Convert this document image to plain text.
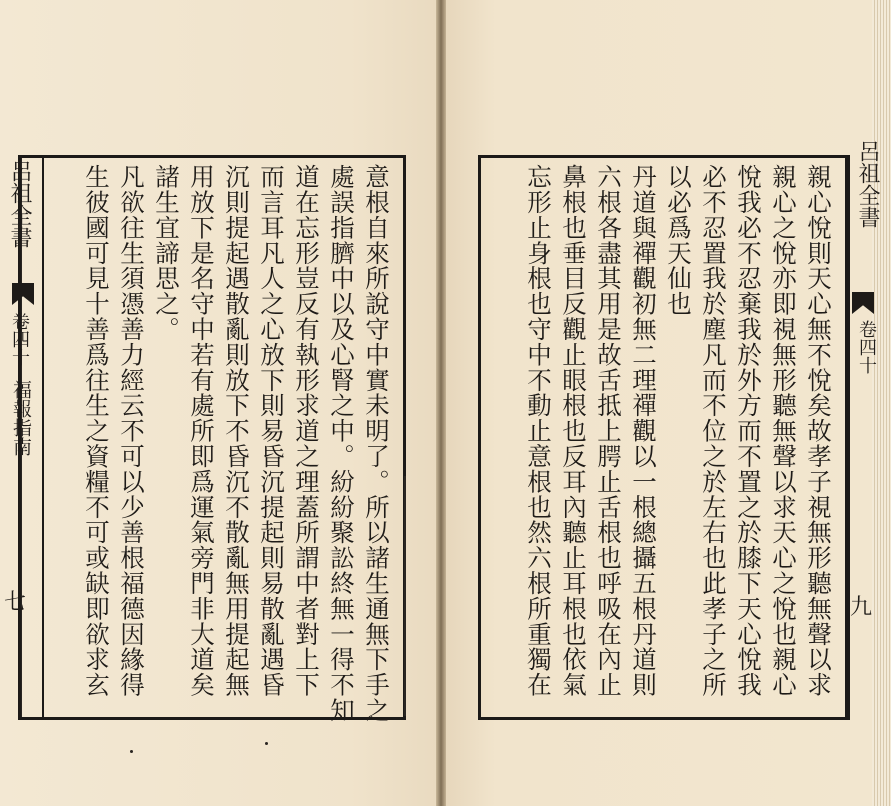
意根自來所說守中實未明了。所以諸生通無下手之
處誤指臍中以及心腎之中。紛紛聚訟終無一得不知
道在忘形豈反有執形求道之理蓋所謂中者對上下
而言耳凡人之心放下則易昏沉提起則易散亂遇昏
沉則提起遇散亂則放下不昏沉不散亂無用提起無
用放下是名守中若有處所即爲運氣旁門非大道矣
諸生宜諦思之。
凡欲往生須憑善力經云不可以少善根福德因緣得
生彼國可見十善爲往生之資糧不可或缺即欲求玄
呂祖全書
卷四十
福報指南
七	親心悅則天心無不悅矣故孝子視無形聽無聲以求
親心之悅亦即視無形聽無聲以求天心之悅也親心
悅我必不忍棄我於外方而不置之於膝下天心悅我
必不忍置我於塵凡而不位之於左右也此孝子之所
以必爲天仙也
丹道與禪觀初無二理禪觀以一根總攝五根丹道則
六根各盡其用是故舌抵上腭止舌根也呼吸在內止
鼻根也垂目反觀止眼根也反耳內聽止耳根也依氣
忘形止身根也守中不動止意根也然六根所重獨在	呂祖全書
卷四十
九
